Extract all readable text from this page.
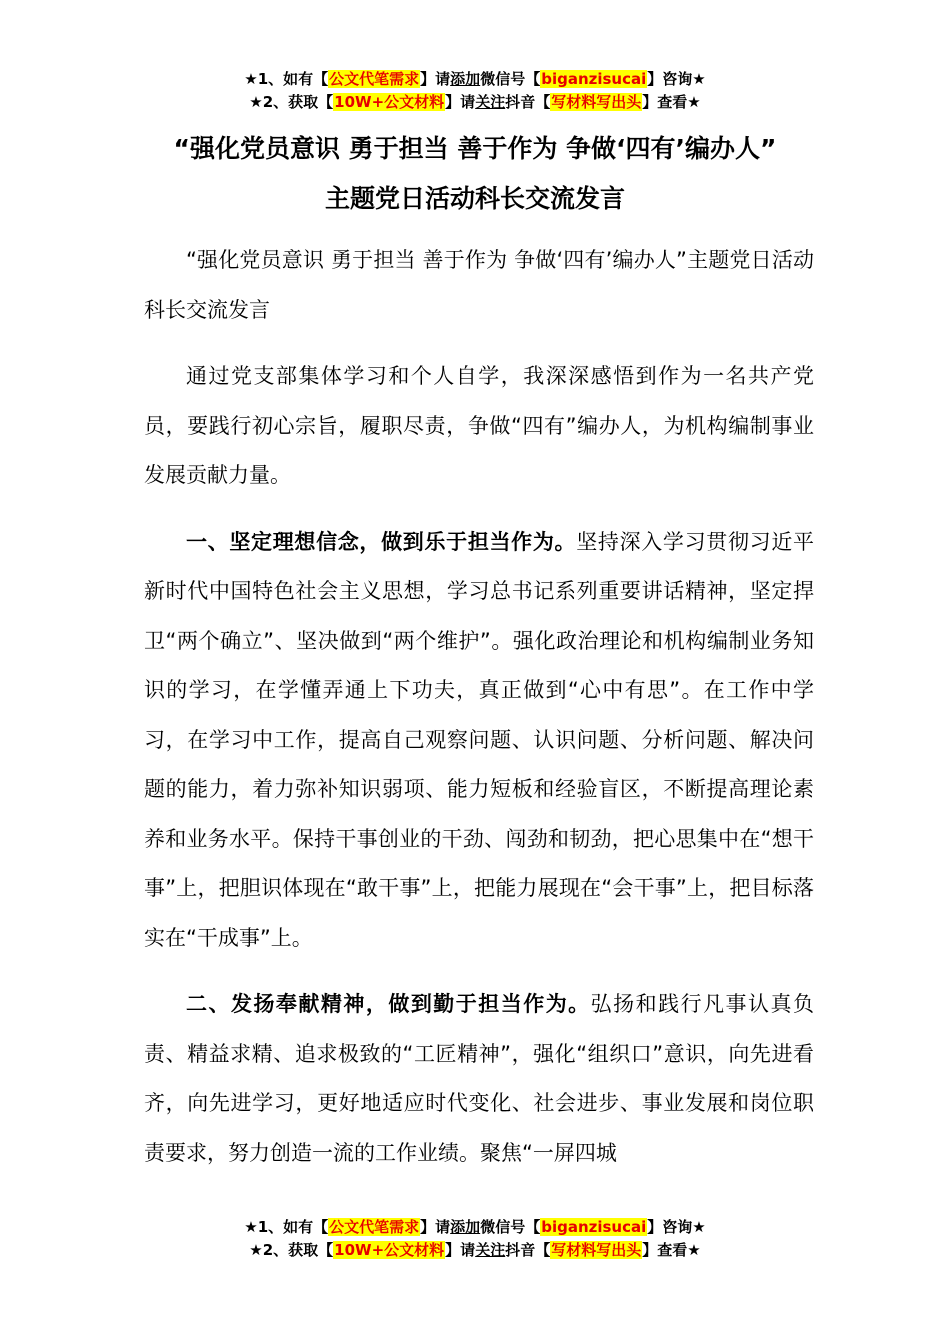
★1、如有【公文代笔需求】请添加微信号【biganzisucai】咨询★
★2、获取【10W+公文材料】请关注抖音【写材料写出头】查看★
“强化党员意识 勇于担当 善于作为 争做‘四有’编办人”
主题党日活动科长交流发言

“强化党员意识 勇于担当 善于作为 争做‘四有’编办人”主题党日活动科长交流发言

通过党支部集体学习和个人自学，我深深感悟到作为一名共产党员，要践行初心宗旨，履职尽责，争做“四有”编办人，为机构编制事业发展贡献力量。

一、坚定理想信念，做到乐于担当作为。坚持深入学习贯彻习近平新时代中国特色社会主义思想，学习总书记系列重要讲话精神，坚定捍卫“两个确立”、坚决做到“两个维护”。强化政治理论和机构编制业务知识的学习，在学懂弄通上下功夫，真正做到“心中有思”。在工作中学习，在学习中工作，提高自己观察问题、认识问题、分析问题、解决问题的能力，着力弥补知识弱项、能力短板和经验盲区，不断提高理论素养和业务水平。保持干事创业的干劲、闯劲和韧劲，把心思集中在“想干事”上，把胆识体现在“敢干事”上，把能力展现在“会干事”上，把目标落实在“干成事”上。

二、发扬奉献精神，做到勤于担当作为。弘扬和践行凡事认真负责、精益求精、追求极致的“工匠精神”，强化“组织口”意识，向先进看齐，向先进学习，更好地适应时代变化、社会进步、事业发展和岗位职责要求，努力创造一流的工作业绩。聚焦“一屏四城

★1、如有【公文代笔需求】请添加微信号【biganzisucai】咨询★
★2、获取【10W+公文材料】请关注抖音【写材料写出头】查看★
